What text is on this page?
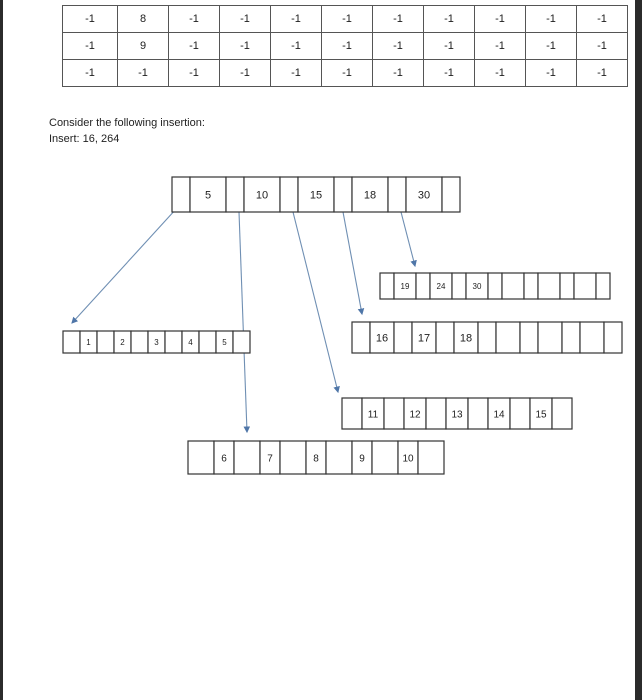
-1	8	-1	-1	-1	-1	-1	-1	-1	-1	-1
-1	9	-1	-1	-1	-1	-1	-1	-1	-1	-1
-1	-1	-1	-1	-1	-1	-1	-1	-1	-1	-1
Consider the following insertion:
Insert: 16, 264
5	10	15	18	30
19	24	30
16	17	18
11	12	13	14	15
1	2	3	4	5
6	7	8	9	10
